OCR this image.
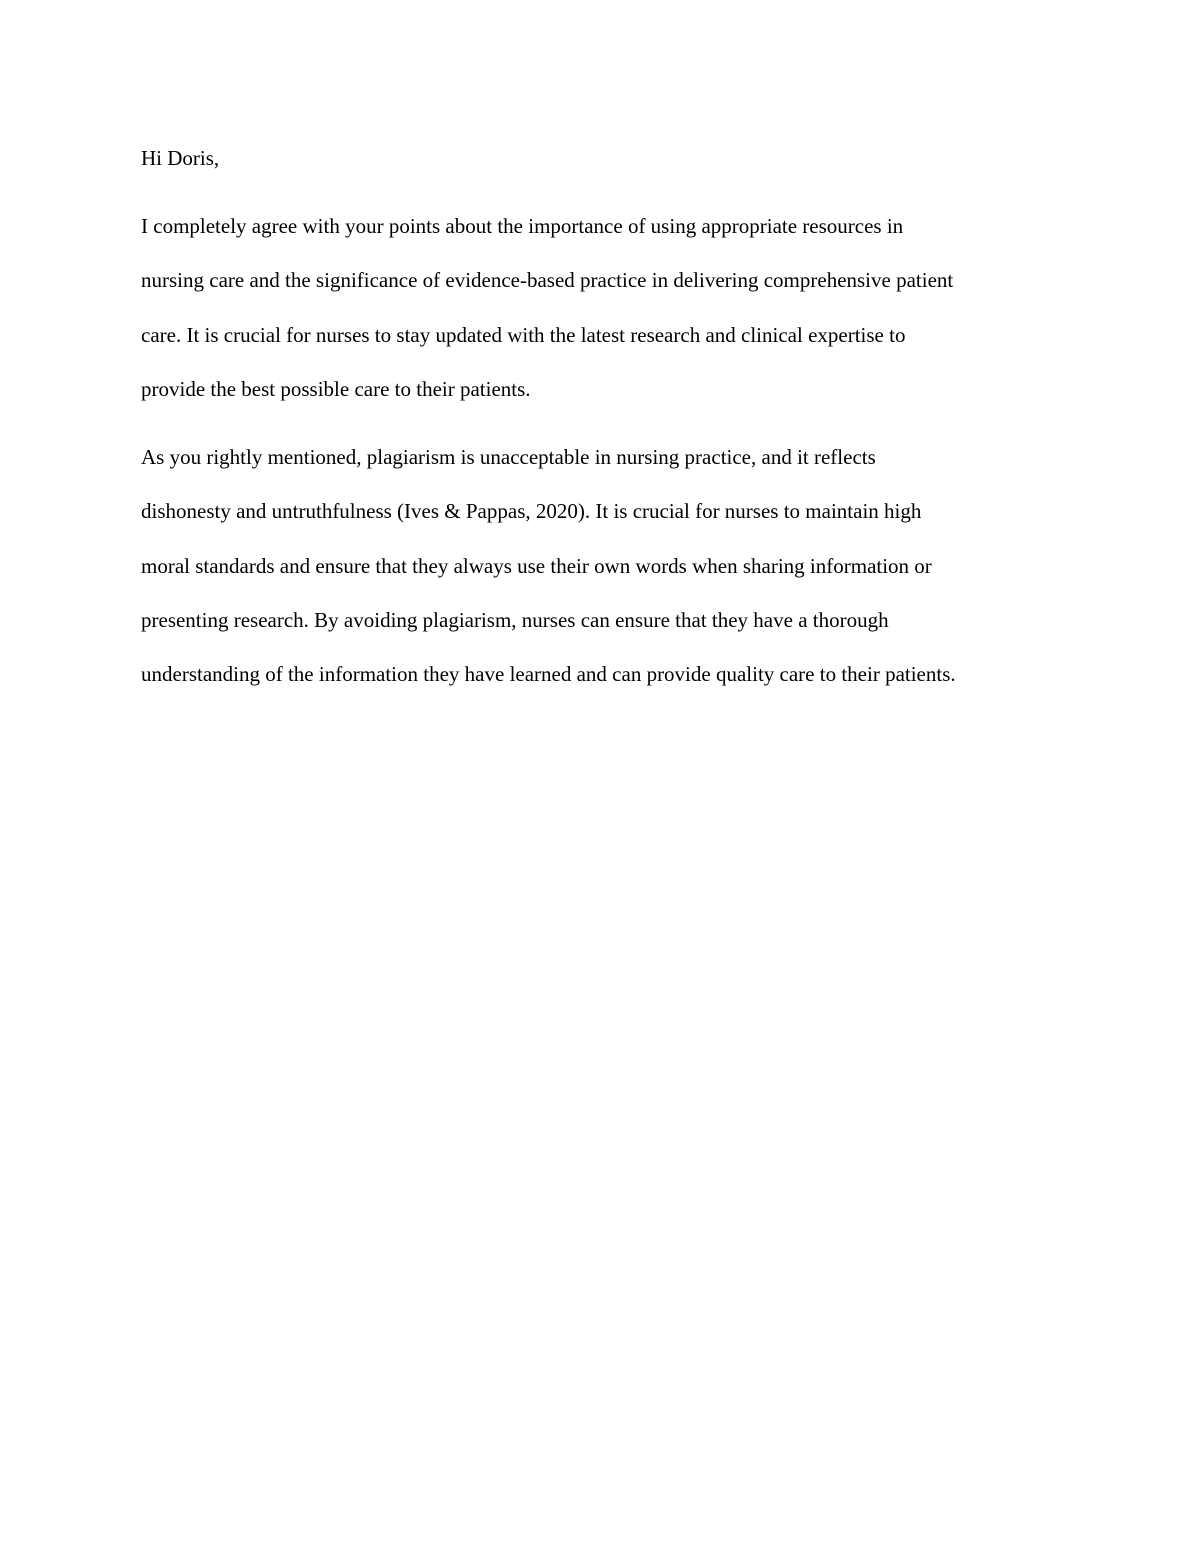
Hi Doris,
I completely agree with your points about the importance of using appropriate resources in
nursing care and the significance of evidence-based practice in delivering comprehensive patient
care. It is crucial for nurses to stay updated with the latest research and clinical expertise to
provide the best possible care to their patients.
As you rightly mentioned, plagiarism is unacceptable in nursing practice, and it reflects
dishonesty and untruthfulness (Ives & Pappas, 2020). It is crucial for nurses to maintain high
moral standards and ensure that they always use their own words when sharing information or
presenting research. By avoiding plagiarism, nurses can ensure that they have a thorough
understanding of the information they have learned and can provide quality care to their patients.
